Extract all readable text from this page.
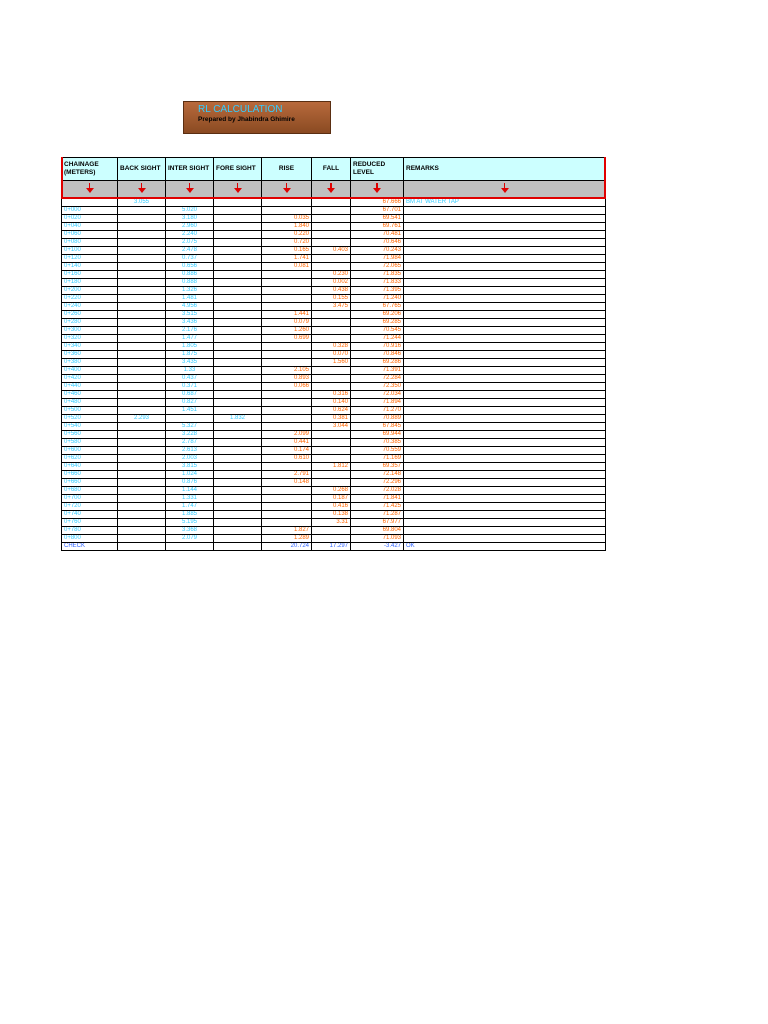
RL CALCULATION
Prepared by Jhabindra Ghimire
CHAINAGE (METERS)	BACK SIGHT	INTER SIGHT	FORE SIGHT	RISE	FALL	REDUCED LEVEL	REMARKS

	3.055					67.666	BM AT WATER TAP
0+000		5.020				67.701	
0+020		3.180		0.035		69.541	
0+040		2.960		1.840		69.761	
0+060		2.240		0.220		70.481	
0+080		2.075		0.720		70.646	
0+100		2.478		0.165	0.403	70.243	
0+120		0.737		1.741		71.984	
0+140		0.656		0.081		72.065	
0+160		0.886			0.230	71.835	
0+180		0.888			0.002	71.833	
0+200		1.326			0.438	71.395	
0+220		1.481			0.155	71.240	
0+240		4.956			3.475	67.765	
0+260		3.515		1.441		69.206	
0+280		3.436		0.079		69.285	
0+300		2.176		1.260		70.545	
0+320		1.477		0.699		71.244	
0+340		1.805			0.328	70.916	
0+360		1.875			0.070	70.846	
0+380		3.435			1.560	69.286	
0+400		1.33		2.105		71.391	
0+420		0.437		0.893		72.284	
0+440		0.371		0.066		72.350	
0+460		0.687			0.316	72.034	
0+480		0.827			0.140	71.894	
0+500		1.451			0.624	71.270	
0+520	2.293		1.832		0.381	70.889	
0+540		5.327			3.044	67.845	
0+560		3.228		2.099		69.944	
0+580		2.787		0.441		70.385	
0+600		2.613		0.174		70.559	
0+620		2.003		0.610		71.169	
0+640		3.815			1.812	69.357	
0+660		1.024		2.791		72.148	
0+660		0.876		0.148		72.296	
0+680		1.144			0.268	72.028	
0+700		1.331			0.187	71.841	
0+720		1.747			0.416	71.425	
0+740		1.885			0.138	71.287	
0+760		5.195			3.31	67.977	
0+780		3.368		1.827		69.804	
0+800		2.079		1.289		71.093	
CHECK				20.724	17.297	-3.427	OK
